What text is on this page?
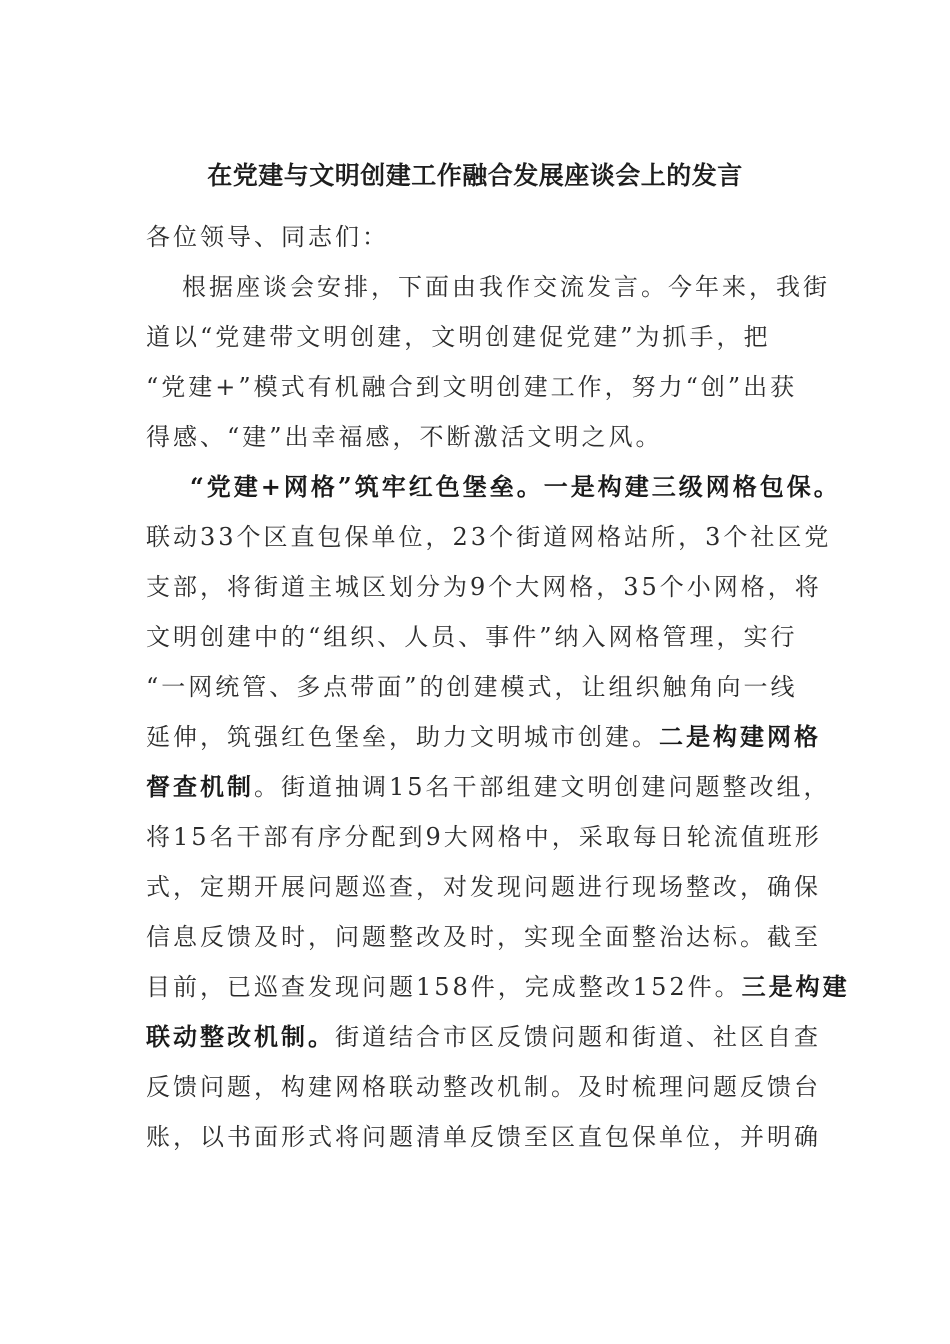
在党建与文明创建工作融合发展座谈会上的发言
各位领导、同志们：
根据座谈会安排，下面由我作交流发言。今年来，我街
道以“党建带文明创建，文明创建促党建”为抓手，把
“党建+”模式有机融合到文明创建工作，努力“创”出获
得感、“建”出幸福感，不断激活文明之风。
“党建+网格”筑牢红色堡垒。一是构建三级网格包保。
联动33个区直包保单位，23个街道网格站所，3个社区党
支部，将街道主城区划分为9个大网格，35个小网格，将
文明创建中的“组织、人员、事件”纳入网格管理，实行
“一网统管、多点带面”的创建模式，让组织触角向一线
延伸，筑强红色堡垒，助力文明城市创建。二是构建网格
督查机制。街道抽调15名干部组建文明创建问题整改组，
将15名干部有序分配到9大网格中，采取每日轮流值班形
式，定期开展问题巡查，对发现问题进行现场整改，确保
信息反馈及时，问题整改及时，实现全面整治达标。截至
目前，已巡查发现问题158件，完成整改152件。三是构建
联动整改机制。街道结合市区反馈问题和街道、社区自查
反馈问题，构建网格联动整改机制。及时梳理问题反馈台
账，以书面形式将问题清单反馈至区直包保单位，并明确
